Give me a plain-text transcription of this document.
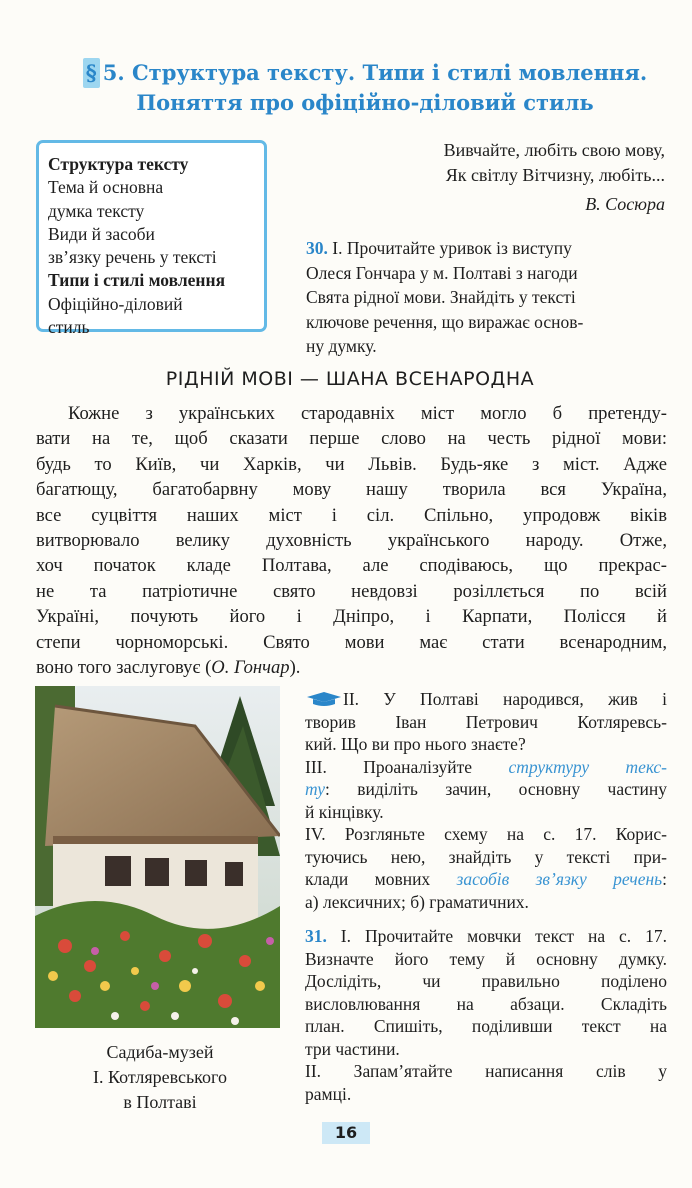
§ 5. Структура тексту. Типи і стилі мовлення.
Поняття про офіційно-діловий стиль
Структура тексту
Тема й основна
думка тексту
Види й засоби
зв’язку речень у тексті
Типи і стилі мовлення
Офіційно-діловий
стиль
Вивчайте, любіть свою мову,
Як світлу Вітчизну, любіть...
В. Сосюра
30. І. Прочитайте уривок із виступу
Олеся Гончара у м. Полтаві з нагоди
Свята рідної мови. Знайдіть у тексті
ключове речення, що виражає основ-
ну думку.
РІДНІЙ МОВІ — ШАНА ВСЕНАРОДНА
Кожне з українських стародавніх міст могло б претенду-
вати на те, щоб сказати перше слово на честь рідної мови:
будь то Київ, чи Харків, чи Львів. Будь-яке з міст. Адже
багатющу, багатобарвну мову нашу творила вся Україна,
все суцвіття наших міст і сіл. Спільно, упродовж віків
витворювало велику духовність українського народу. Отже,
хоч початок кладе Полтава, але сподіваюсь, що прекрас-
не та патріотичне свято невдовзі розіллється по всій
Україні, почують його і Дніпро, і Карпати, Полісся й
степи чорноморські. Свято мови має стати всенародним,
воно того заслуговує (О. Гончар).
Садиба-музей
І. Котляревського
в Полтаві
ІІ. У Полтаві народився, жив і
творив Іван Петрович Котляревсь-
кий. Що ви про нього знаєте?
ІІІ. Проаналізуйте структуру текс-
ту: виділіть зачин, основну частину
й кінцівку.
IV. Розгляньте схему на с. 17. Корис-
туючись нею, знайдіть у тексті при-
клади мовних засобів зв’язку речень:
а) лексичних; б) граматичних.
31. І. Прочитайте мовчки текст на с. 17.
Визначте його тему й основну думку.
Дослідіть, чи правильно поділено
висловлювання на абзаци. Складіть
план. Спишіть, поділивши текст на
три частини.
ІІ. Запам’ятайте написання слів у
рамці.
16
